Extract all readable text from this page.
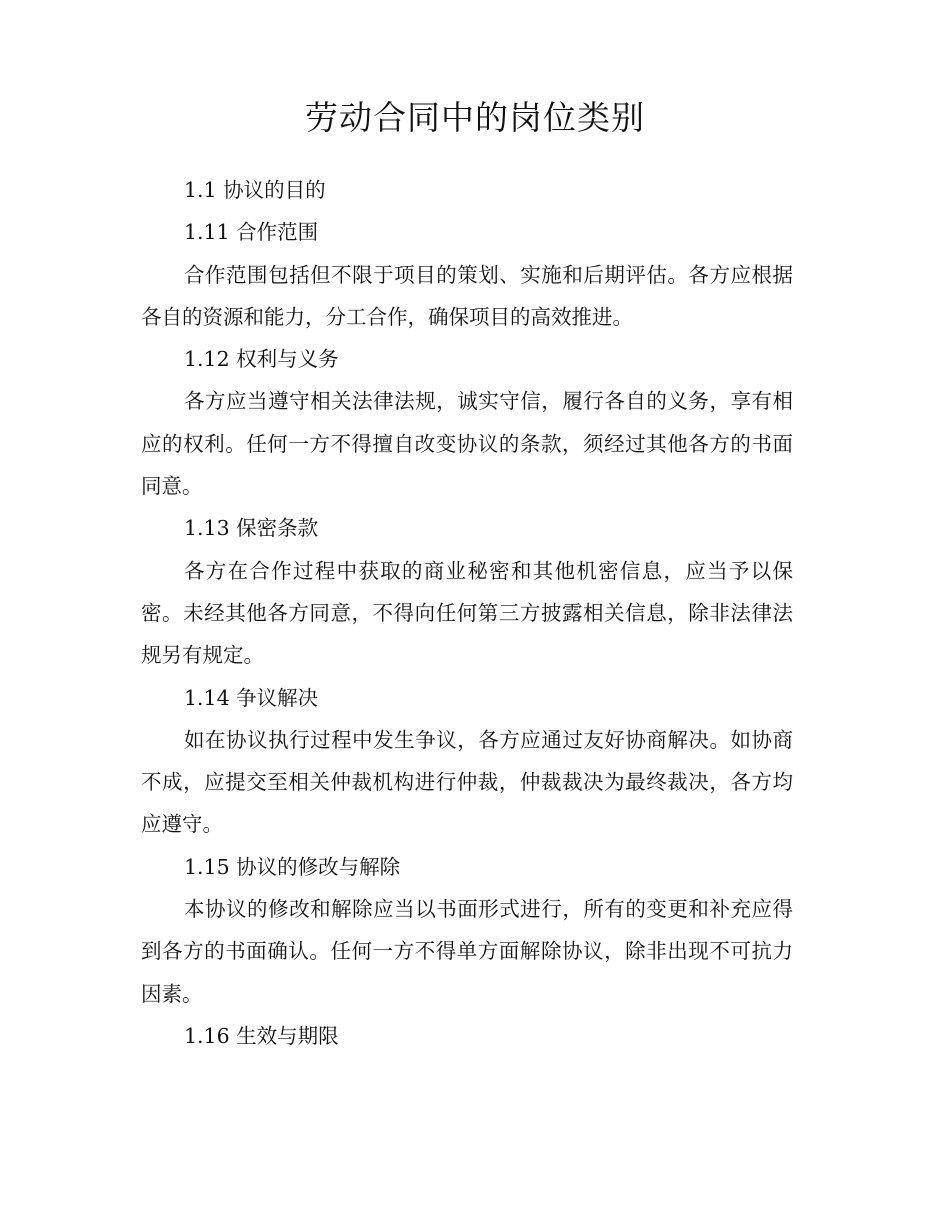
劳动合同中的岗位类别

1.1 协议的目的

1.11 合作范围

合作范围包括但不限于项目的策划、实施和后期评估。各方应根据各自的资源和能力，分工合作，确保项目的高效推进。

1.12 权利与义务

各方应当遵守相关法律法规，诚实守信，履行各自的义务，享有相应的权利。任何一方不得擅自改变协议的条款，须经过其他各方的书面同意。

1.13 保密条款

各方在合作过程中获取的商业秘密和其他机密信息，应当予以保密。未经其他各方同意，不得向任何第三方披露相关信息，除非法律法规另有规定。

1.14 争议解决

如在协议执行过程中发生争议，各方应通过友好协商解决。如协商不成，应提交至相关仲裁机构进行仲裁，仲裁裁决为最终裁决，各方均应遵守。

1.15 协议的修改与解除

本协议的修改和解除应当以书面形式进行，所有的变更和补充应得到各方的书面确认。任何一方不得单方面解除协议，除非出现不可抗力因素。

1.16 生效与期限
